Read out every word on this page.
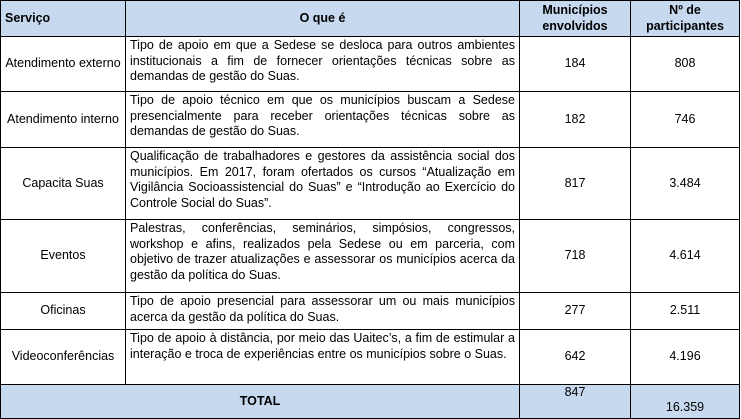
Serviço	O que é	Municípios envolvidos	Nº de participantes
Atendimento externo	Tipo de apoio em que a Sedese se desloca para outros ambientes institucionais a fim de fornecer orientações técnicas sobre as demandas de gestão do Suas.	184	808
Atendimento interno	Tipo de apoio técnico em que os municípios buscam a Sedese presencialmente para receber orientações técnicas sobre as demandas de gestão do Suas.	182	746
Capacita Suas	Qualificação de trabalhadores e gestores da assistência social dos municípios. Em 2017, foram ofertados os cursos “Atualização em Vigilância Socioassistencial do Suas” e “Introdução ao Exercício do Controle Social do Suas”.	817	3.484
Eventos	Palestras, conferências, seminários, simpósios, congressos, workshop e afins, realizados pela Sedese ou em parceria, com objetivo de trazer atualizações e assessorar os municípios acerca da gestão da política do Suas.	718	4.614
Oficinas	Tipo de apoio presencial para assessorar um ou mais municípios acerca da gestão da política do Suas.	277	2.511
Videoconferências	Tipo de apoio à distância, por meio das Uaitec’s, a fim de estimular a interação e troca de experiências entre os municípios sobre o Suas.	642	4.196
TOTAL		847	16.359
